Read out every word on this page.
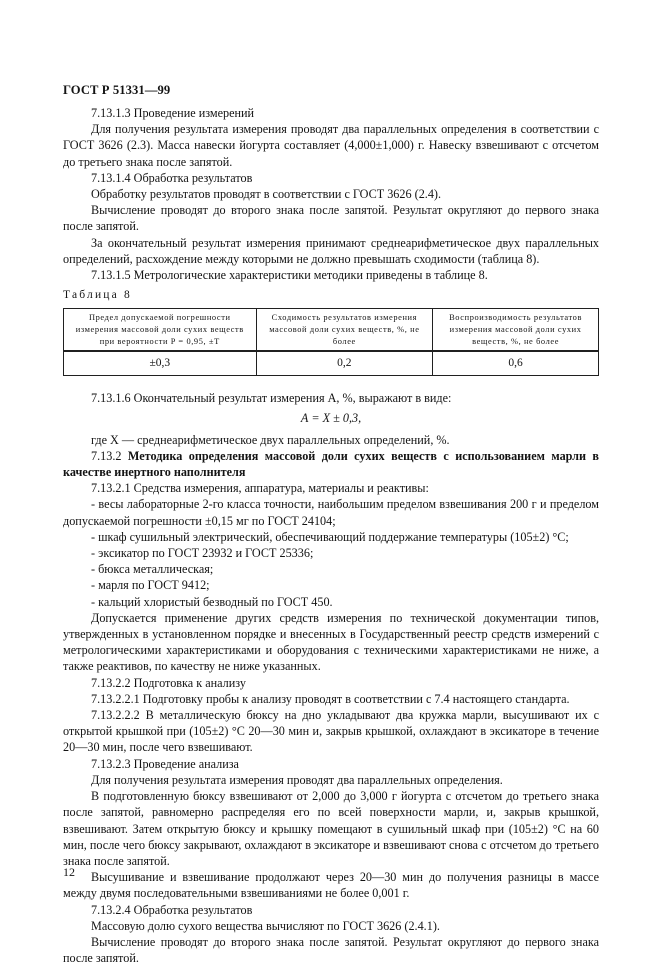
ГОСТ Р 51331—99

7.13.1.3 Проведение измерений

Для получения результата измерения проводят два параллельных определения в соответствии с ГОСТ 3626 (2.3). Масса навески йогурта составляет (4,000±1,000) г. Навеску взвешивают с отсчетом до третьего знака после запятой.

7.13.1.4 Обработка результатов

Обработку результатов проводят в соответствии с ГОСТ 3626 (2.4).

Вычисление проводят до второго знака после запятой. Результат округляют до первого знака после запятой.

За окончательный результат измерения принимают среднеарифметическое двух параллельных определений, расхождение между которыми не должно превышать сходимости (таблица 8).

7.13.1.5 Метрологические характеристики методики приведены в таблице 8.

Таблица 8
Предел допускаемой погрешности измерения массовой доли сухих веществ при вероятности P = 0,95, ±Т	Сходимость результатов измерения массовой доли сухих веществ, %, не более	Воспроизводимость результатов измерения массовой доли сухих веществ, %, не более
±0,3	0,2	0,6

7.13.1.6 Окончательный результат измерения А, %, выражают в виде:

А = X ± 0,3,

где X — среднеарифметическое двух параллельных определений, %.

7.13.2 Методика определения массовой доли сухих веществ с использованием марли в качестве инертного наполнителя

7.13.2.1 Средства измерения, аппаратура, материалы и реактивы:

- весы лабораторные 2-го класса точности, наибольшим пределом взвешивания 200 г и пределом допускаемой погрешности ±0,15 мг по ГОСТ 24104;

- шкаф сушильный электрический, обеспечивающий поддержание температуры (105±2) °С;

- эксикатор по ГОСТ 23932 и ГОСТ 25336;

- бюкса металлическая;

- марля по ГОСТ 9412;

- кальций хлористый безводный по ГОСТ 450.

Допускается применение других средств измерения по технической документации типов, утвержденных в установленном порядке и внесенных в Государственный реестр средств измерений с метрологическими характеристиками и оборудования с техническими характеристиками не ниже, а также реактивов, по качеству не ниже указанных.

7.13.2.2 Подготовка к анализу

7.13.2.2.1 Подготовку пробы к анализу проводят в соответствии с 7.4 настоящего стандарта.

7.13.2.2.2 В металлическую бюксу на дно укладывают два кружка марли, высушивают их с открытой крышкой при (105±2) °С 20—30 мин и, закрыв крышкой, охлаждают в эксикаторе в течение 20—30 мин, после чего взвешивают.

7.13.2.3 Проведение анализа

Для получения результата измерения проводят два параллельных определения.

В подготовленную бюксу взвешивают от 2,000 до 3,000 г йогурта с отсчетом до третьего знака после запятой, равномерно распределяя его по всей поверхности марли, и, закрыв крышкой, взвешивают. Затем открытую бюксу и крышку помещают в сушильный шкаф при (105±2) °С на 60 мин, после чего бюксу закрывают, охлаждают в эксикаторе и взвешивают снова с отсчетом до третьего знака после запятой.

Высушивание и взвешивание продолжают через 20—30 мин до получения разницы в массе между двумя последовательными взвешиваниями не более 0,001 г.

7.13.2.4 Обработка результатов

Массовую долю сухого вещества вычисляют по ГОСТ 3626 (2.4.1).

Вычисление проводят до второго знака после запятой. Результат округляют до первого знака после запятой.

12
